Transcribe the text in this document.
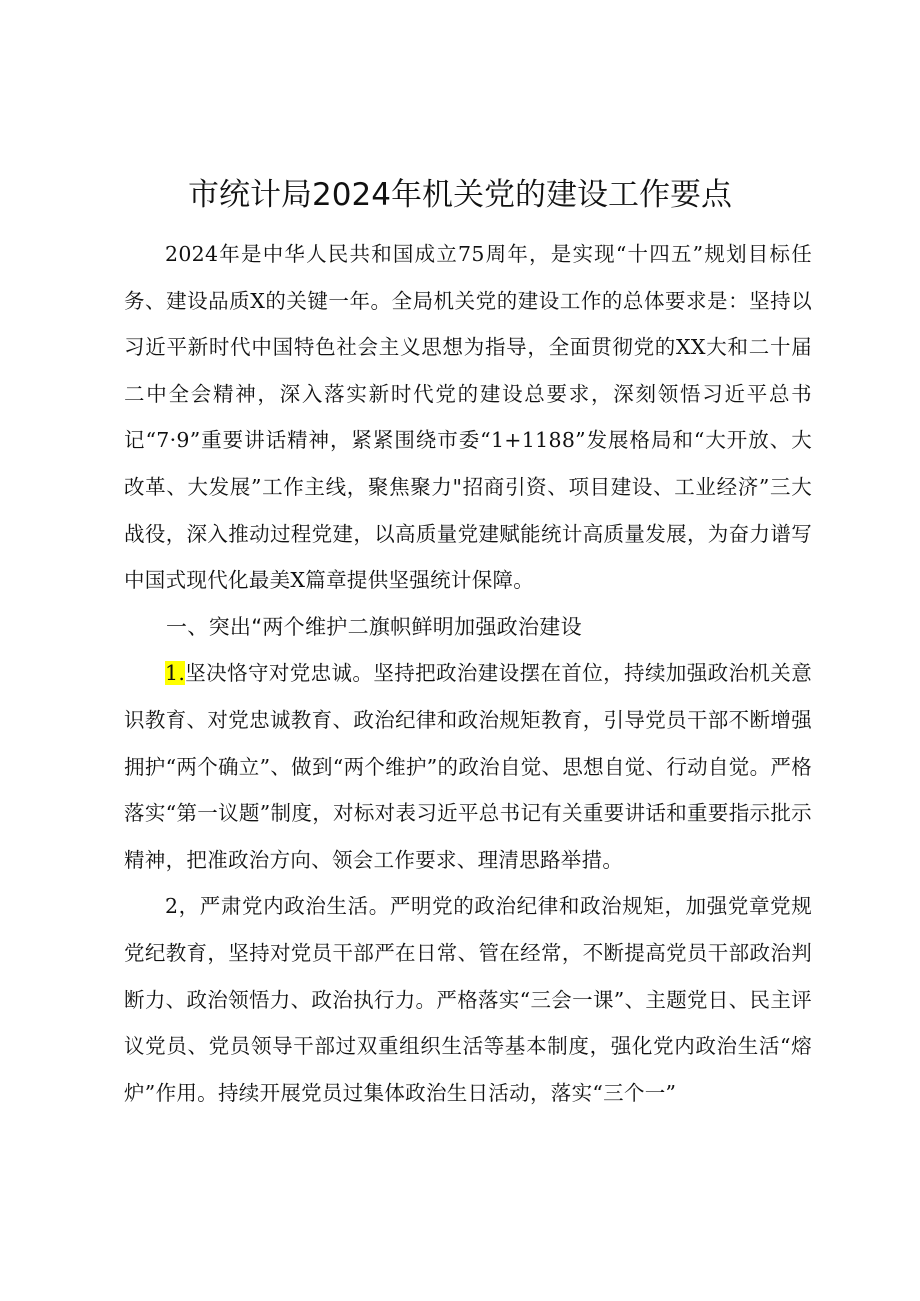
市统计局2024年机关党的建设工作要点

2024年是中华人民共和国成立75周年，是实现“十四五”规划目标任务、建设品质X的关键一年。全局机关党的建设工作的总体要求是：坚持以习近平新时代中国特色社会主义思想为指导，全面贯彻党的XX大和二十届二中全会精神，深入落实新时代党的建设总要求，深刻领悟习近平总书记“7·9”重要讲话精神，紧紧围绕市委“1+1188”发展格局和“大开放、大改革、大发展”工作主线，聚焦聚力"招商引资、项目建设、工业经济”三大战役，深入推动过程党建，以高质量党建赋能统计高质量发展，为奋力谱写中国式现代化最美X篇章提供坚强统计保障。

一、突出“两个维护二旗帜鲜明加强政治建设

1.坚决恪守对党忠诚。坚持把政治建设摆在首位，持续加强政治机关意识教育、对党忠诚教育、政治纪律和政治规矩教育，引导党员干部不断增强拥护“两个确立”、做到“两个维护”的政治自觉、思想自觉、行动自觉。严格落实“第一议题”制度，对标对表习近平总书记有关重要讲话和重要指示批示精神，把准政治方向、领会工作要求、理清思路举措。

2，严肃党内政治生活。严明党的政治纪律和政治规矩，加强党章党规党纪教育，坚持对党员干部严在日常、管在经常，不断提高党员干部政治判断力、政治领悟力、政治执行力。严格落实“三会一课”、主题党日、民主评议党员、党员领导干部过双重组织生活等基本制度，强化党内政治生活“熔炉”作用。持续开展党员过集体政治生日活动，落实“三个一”
